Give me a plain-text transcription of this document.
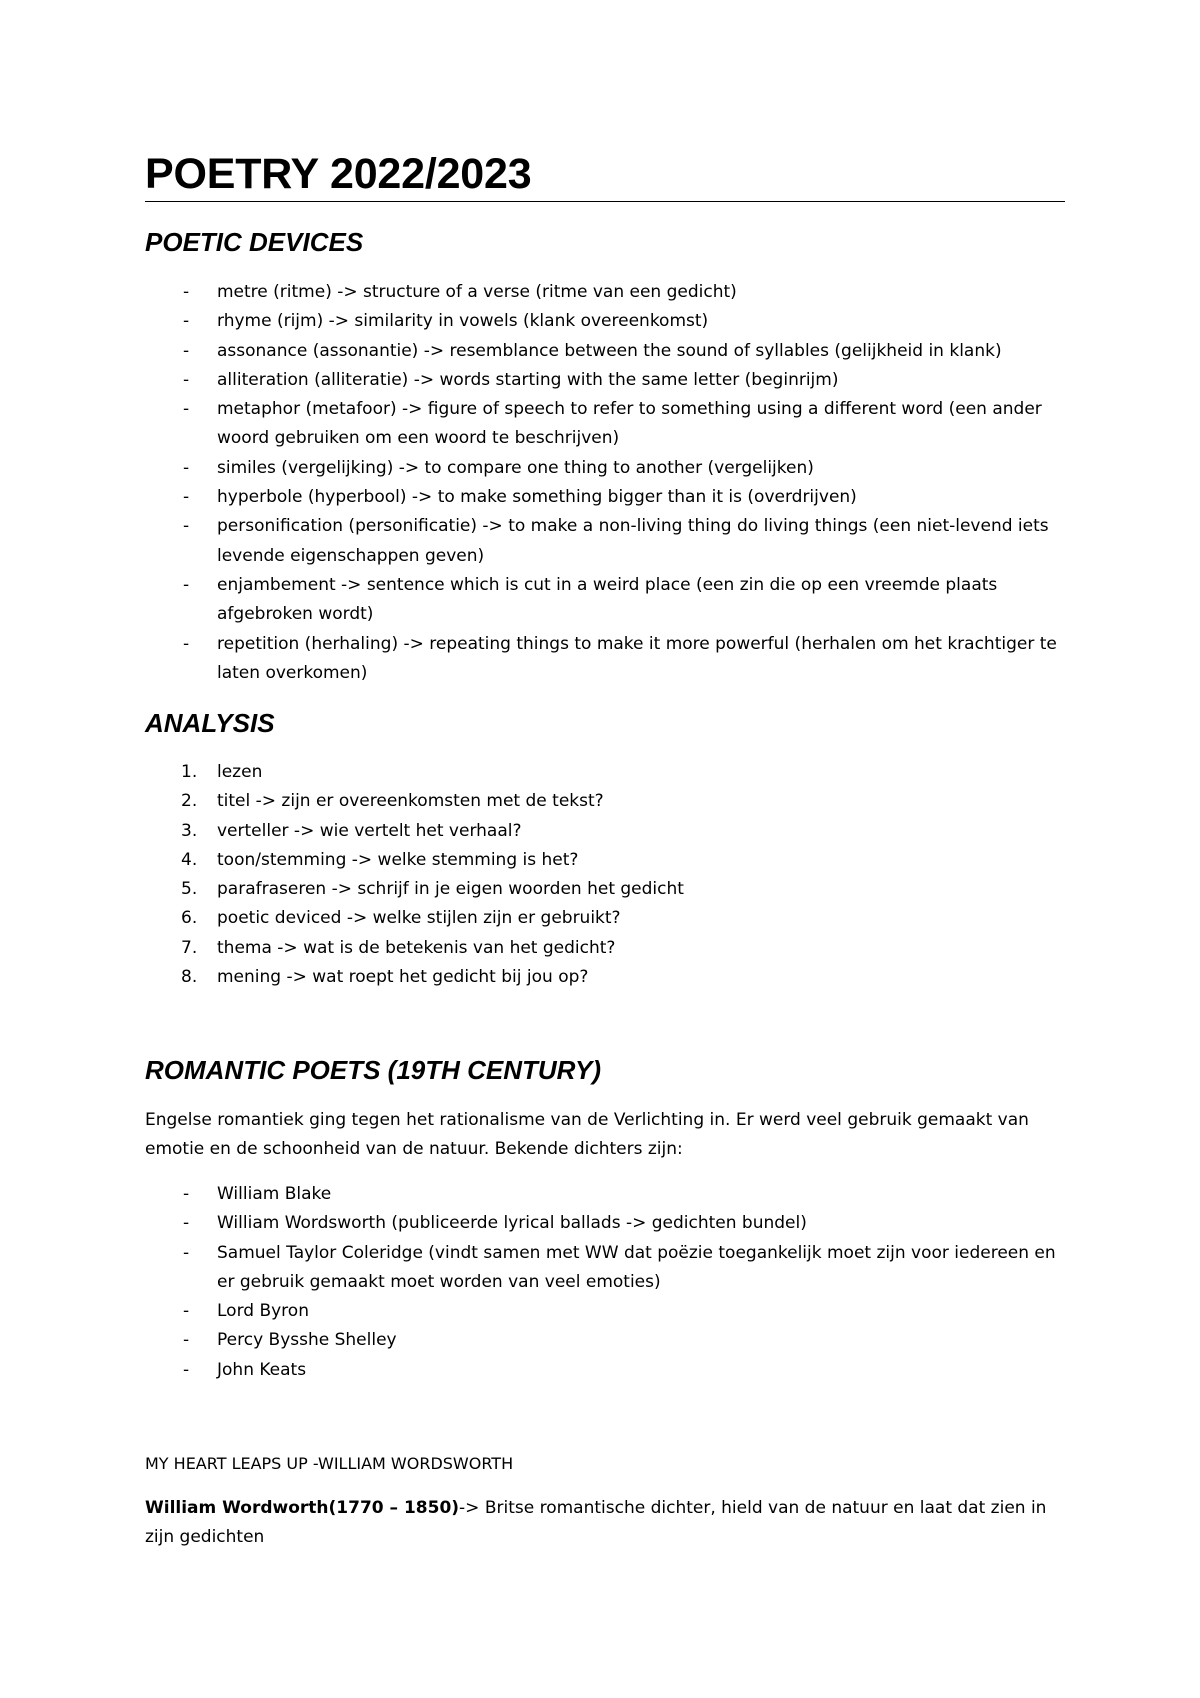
POETRY 2022/2023
POETIC DEVICES
- metre (ritme) -> structure of a verse (ritme van een gedicht)
- rhyme (rijm) -> similarity in vowels (klank overeenkomst)
- assonance (assonantie) -> resemblance between the sound of syllables (gelijkheid in klank)
- alliteration (alliteratie) -> words starting with the same letter (beginrijm)
- metaphor (metafoor) -> figure of speech to refer to something using a different word (een ander woord gebruiken om een woord te beschrijven)
- similes (vergelijking) -> to compare one thing to another (vergelijken)
- hyperbole (hyperbool) -> to make something bigger than it is (overdrijven)
- personification (personificatie) -> to make a non-living thing do living things (een niet-levend iets levende eigenschappen geven)
- enjambement -> sentence which is cut in a weird place (een zin die op een vreemde plaats afgebroken wordt)
- repetition (herhaling) -> repeating things to make it more powerful (herhalen om het krachtiger te laten overkomen)
ANALYSIS
1. lezen
2. titel -> zijn er overeenkomsten met de tekst?
3. verteller -> wie vertelt het verhaal?
4. toon/stemming -> welke stemming is het?
5. parafraseren -> schrijf in je eigen woorden het gedicht
6. poetic deviced -> welke stijlen zijn er gebruikt?
7. thema -> wat is de betekenis van het gedicht?
8. mening -> wat roept het gedicht bij jou op?
ROMANTIC POETS (19TH CENTURY)
Engelse romantiek ging tegen het rationalisme van de Verlichting in. Er werd veel gebruik gemaakt van emotie en de schoonheid van de natuur. Bekende dichters zijn:
- William Blake
- William Wordsworth (publiceerde lyrical ballads -> gedichten bundel)
- Samuel Taylor Coleridge (vindt samen met WW dat poëzie toegankelijk moet zijn voor iedereen en er gebruik gemaakt moet worden van veel emoties)
- Lord Byron
- Percy Bysshe Shelley
- John Keats
MY HEART LEAPS UP -WILLIAM WORDSWORTH
William Wordworth(1770 – 1850)-> Britse romantische dichter, hield van de natuur en laat dat zien in zijn gedichten
